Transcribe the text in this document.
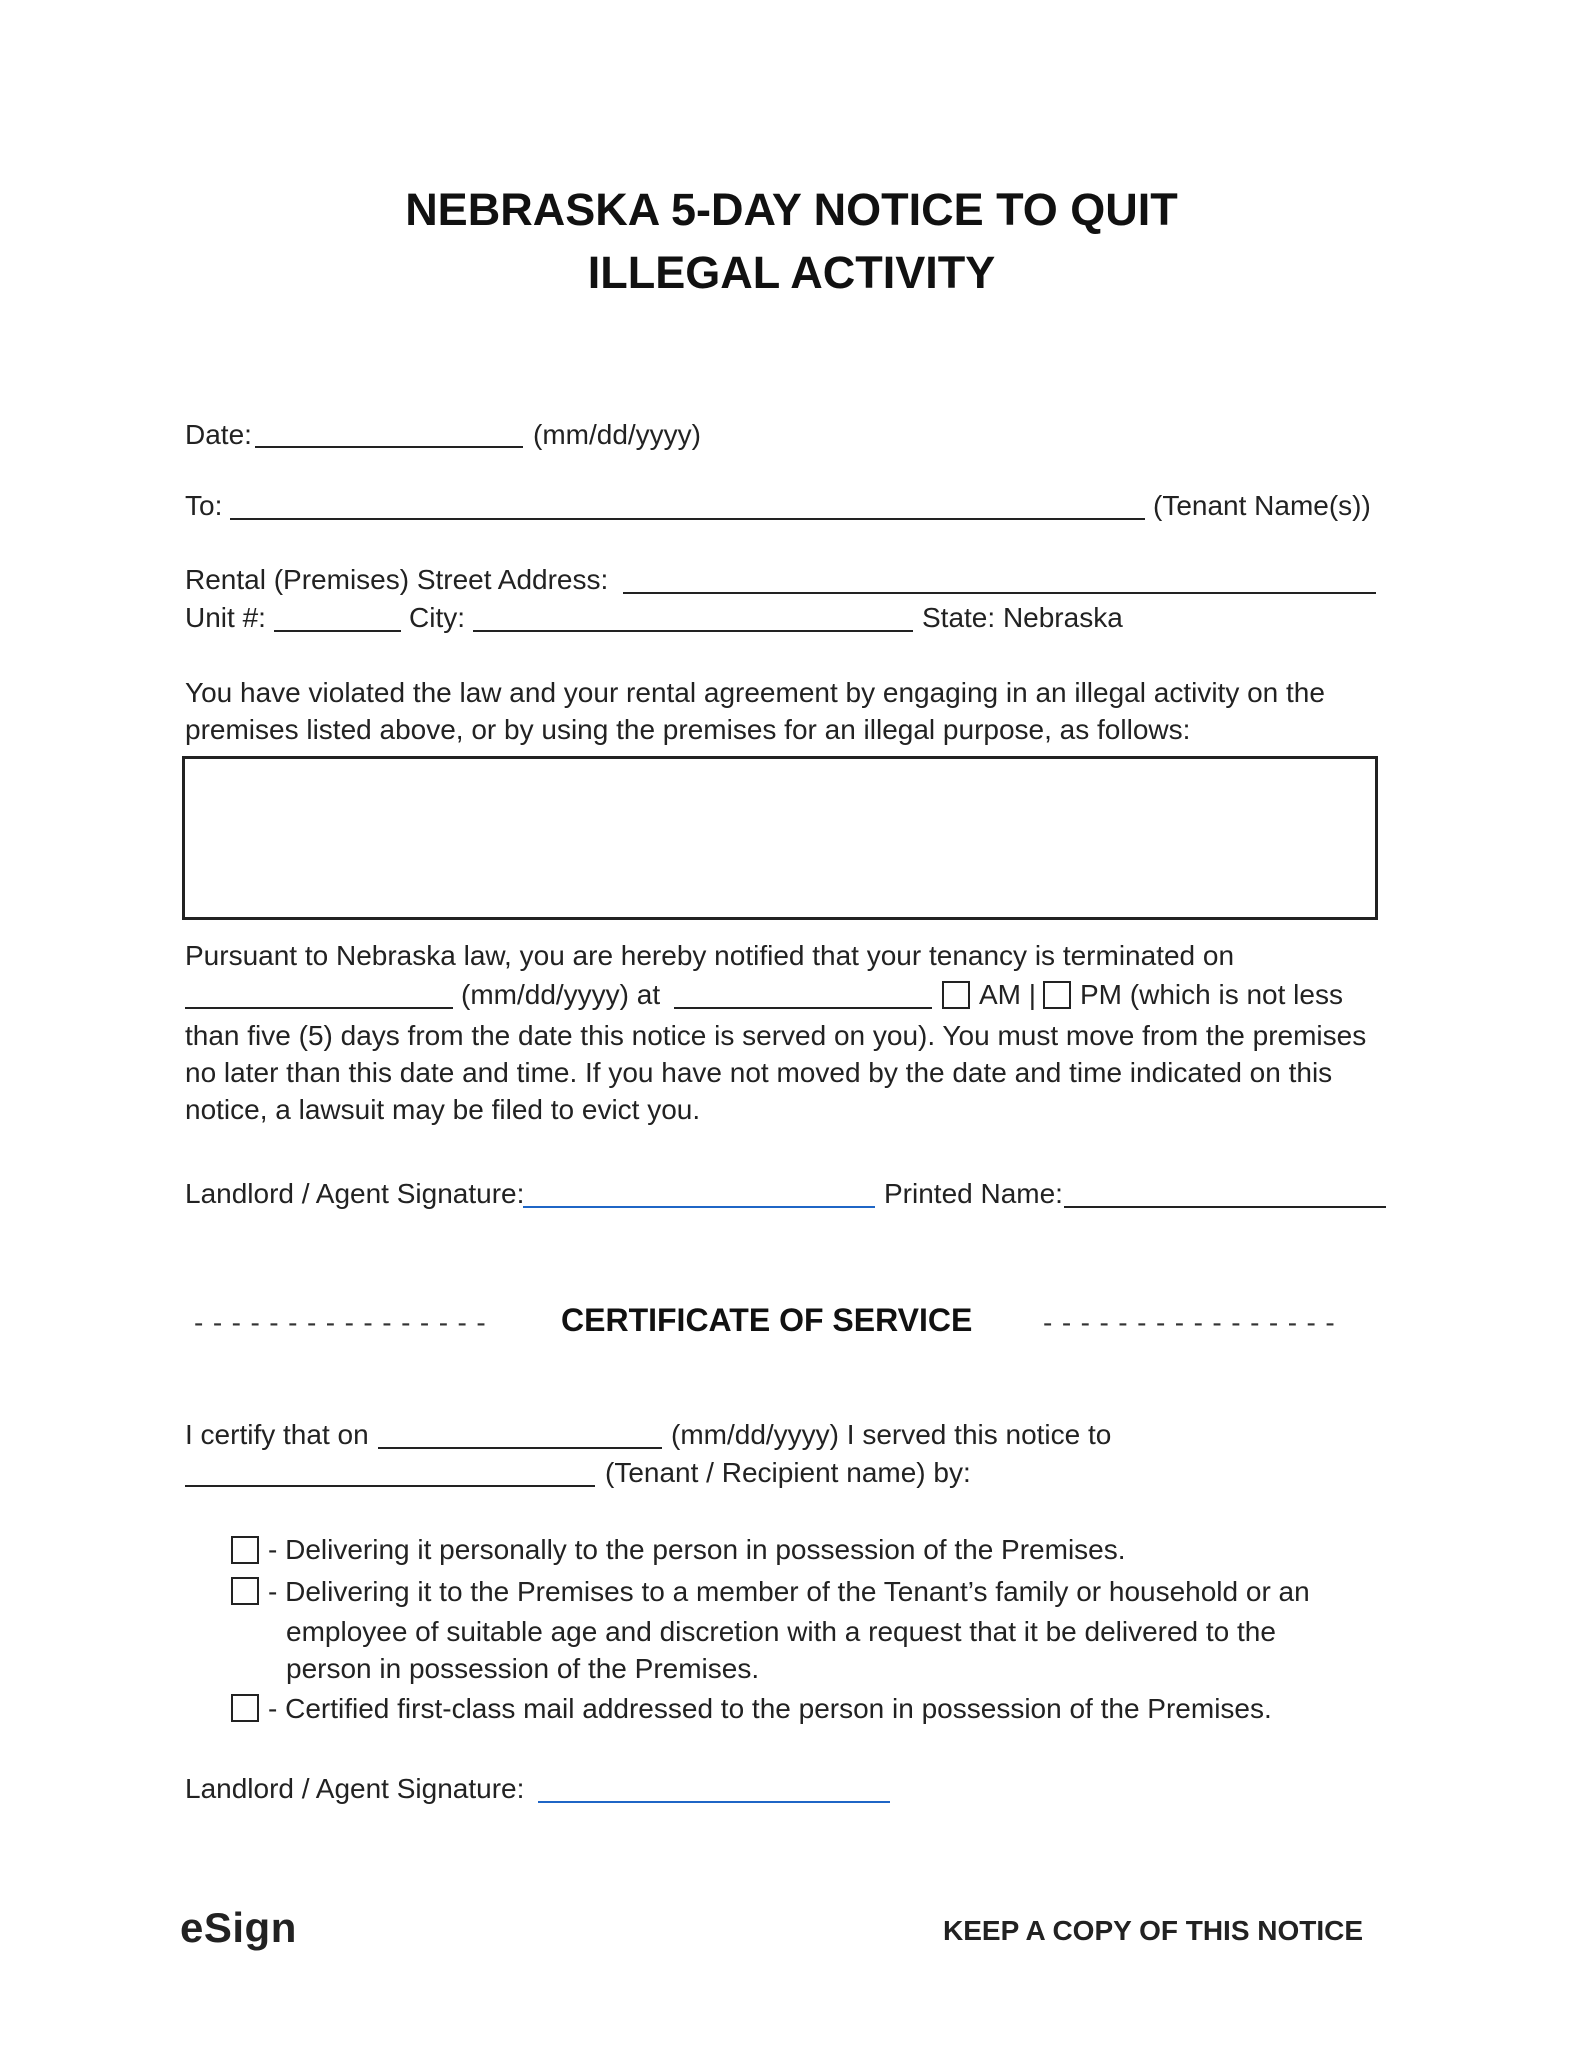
NEBRASKA 5-DAY NOTICE TO QUIT
ILLEGAL ACTIVITY
Date:	(mm/dd/yyyy)
To:	(Tenant Name(s))
Rental (Premises) Street Address:
Unit #:	City:	State: Nebraska
You have violated the law and your rental agreement by engaging in an illegal activity on the
premises listed above, or by using the premises for an illegal purpose, as follows:
Pursuant to Nebraska law, you are hereby notified that your tenancy is terminated on
(mm/dd/yyyy) at	AM | PM (which is not less
than five (5) days from the date this notice is served on you). You must move from the premises
no later than this date and time. If you have not moved by the date and time indicated on this
notice, a lawsuit may be filed to evict you.
Landlord / Agent Signature:	Printed Name:
---------------- CERTIFICATE OF SERVICE	----------------
I certify that on	(mm/dd/yyyy) I served this notice to
(Tenant / Recipient name) by:
- Delivering it personally to the person in possession of the Premises.
- Delivering it to the Premises to a member of the Tenant’s family or household or an
employee of suitable age and discretion with a request that it be delivered to the
person in possession of the Premises.
- Certified first-class mail addressed to the person in possession of the Premises.
Landlord / Agent Signature:
eSign	KEEP A COPY OF THIS NOTICE
